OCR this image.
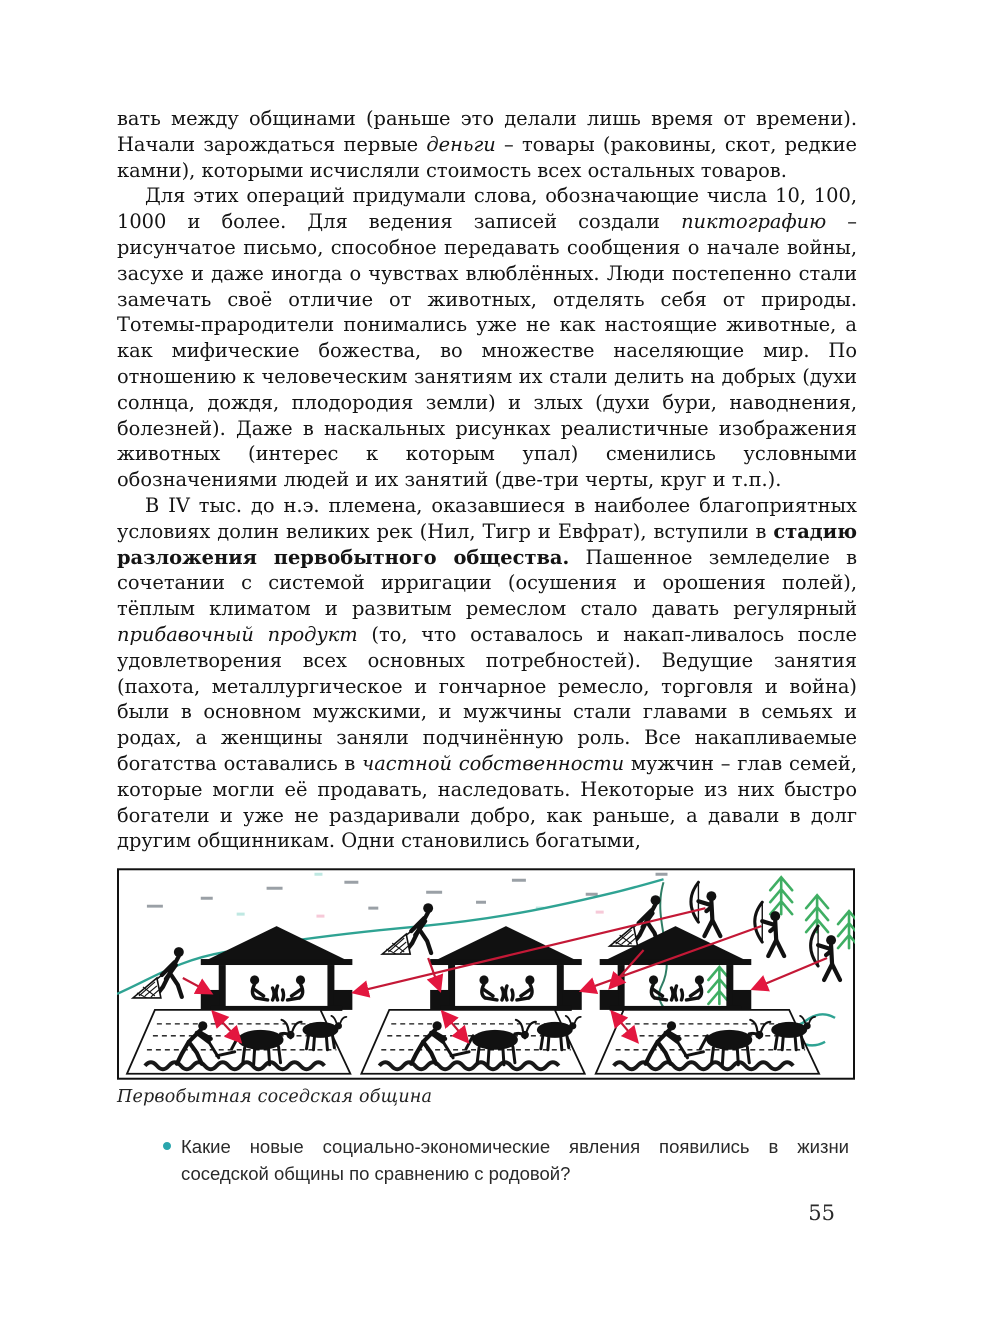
вать между общинами (раньше это делали лишь время от времени). Начали зарождаться первые деньги – товары (раковины, скот, редкие камни), которыми исчисляли стоимость всех остальных товаров.

Для этих операций придумали слова, обозначающие числа 10, 100, 1000 и более. Для ведения записей создали пиктографию – рисунчатое письмо, способное передавать сообщения о начале войны, засухе и даже иногда о чувствах влюблённых. Люди постепенно стали замечать своё отличие от животных, отделять себя от природы. Тотемы-прародители понимались уже не как настоящие животные, а как мифические божества, во множестве населяющие мир. По отношению к человеческим занятиям их стали делить на добрых (духи солнца, дождя, плодородия земли) и злых (духи бури, наводнения, болезней). Даже в наскальных рисунках реалистичные изображения животных (интерес к которым упал) сменились условными обозначениями людей и их занятий (две-три черты, круг и т.п.).

В IV тыс. до н.э. племена, оказавшиеся в наиболее благоприятных условиях долин великих рек (Нил, Тигр и Евфрат), вступили в стадию разложения первобытного общества. Пашенное земледелие в сочетании с системой ирригации (осушения и орошения полей), тёплым климатом и развитым ремеслом стало давать регулярный прибавочный продукт (то, что оставалось и накап-ливалось после удовлетворения всех основных потребностей). Ведущие занятия (пахота, металлургическое и гончарное ремесло, торговля и война) были в основном мужскими, и мужчины стали главами в семьях и родах, а женщины заняли подчинённую роль. Все накапливаемые богатства оставались в частной собственности мужчин – глав семей, которые могли её продавать, наследовать. Некоторые из них быстро богатели и уже не раздаривали добро, как раньше, а давали в долг другим общинникам. Одни становились богатыми,

Первобытная соседская община

Какие новые социально-экономические явления появились в жизни соседской общины по сравнению с родовой?

55
